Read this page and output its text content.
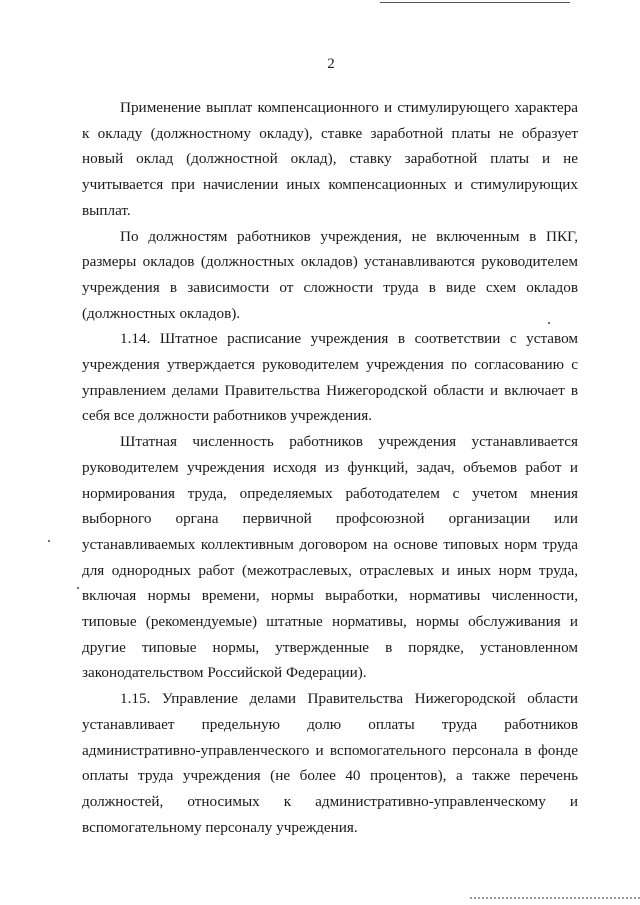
2

Применение выплат компенсационного и стимулирующего характера к окладу (должностному окладу), ставке заработной платы не образует новый оклад (должностной оклад), ставку заработной платы и не учитывается при начислении иных компенсационных и стимулирующих выплат.

По должностям работников учреждения, не включенным в ПКГ, размеры окладов (должностных окладов) устанавливаются руководителем учреждения в зависимости от сложности труда в виде схем окладов (должностных окладов).

1.14. Штатное расписание учреждения в соответствии с уставом учреждения утверждается руководителем учреждения по согласованию с управлением делами Правительства Нижегородской области и включает в себя все должности работников учреждения.

Штатная численность работников учреждения устанавливается руководителем учреждения исходя из функций, задач, объемов работ и нормирования труда, определяемых работодателем с учетом мнения выборного органа первичной профсоюзной организации или устанавливаемых коллективным договором на основе типовых норм труда для однородных работ (межотраслевых, отраслевых и иных норм труда, включая нормы времени, нормы выработки, нормативы численности, типовые (рекомендуемые) штатные нормативы, нормы обслуживания и другие типовые нормы, утвержденные в порядке, установленном законодательством Российской Федерации).

1.15. Управление делами Правительства Нижегородской области устанавливает предельную долю оплаты труда работников административно-управленческого и вспомогательного персонала в фонде оплаты труда учреждения (не более 40 процентов), а также перечень должностей, относимых к административно-управленческому и вспомогательному персоналу учреждения.
